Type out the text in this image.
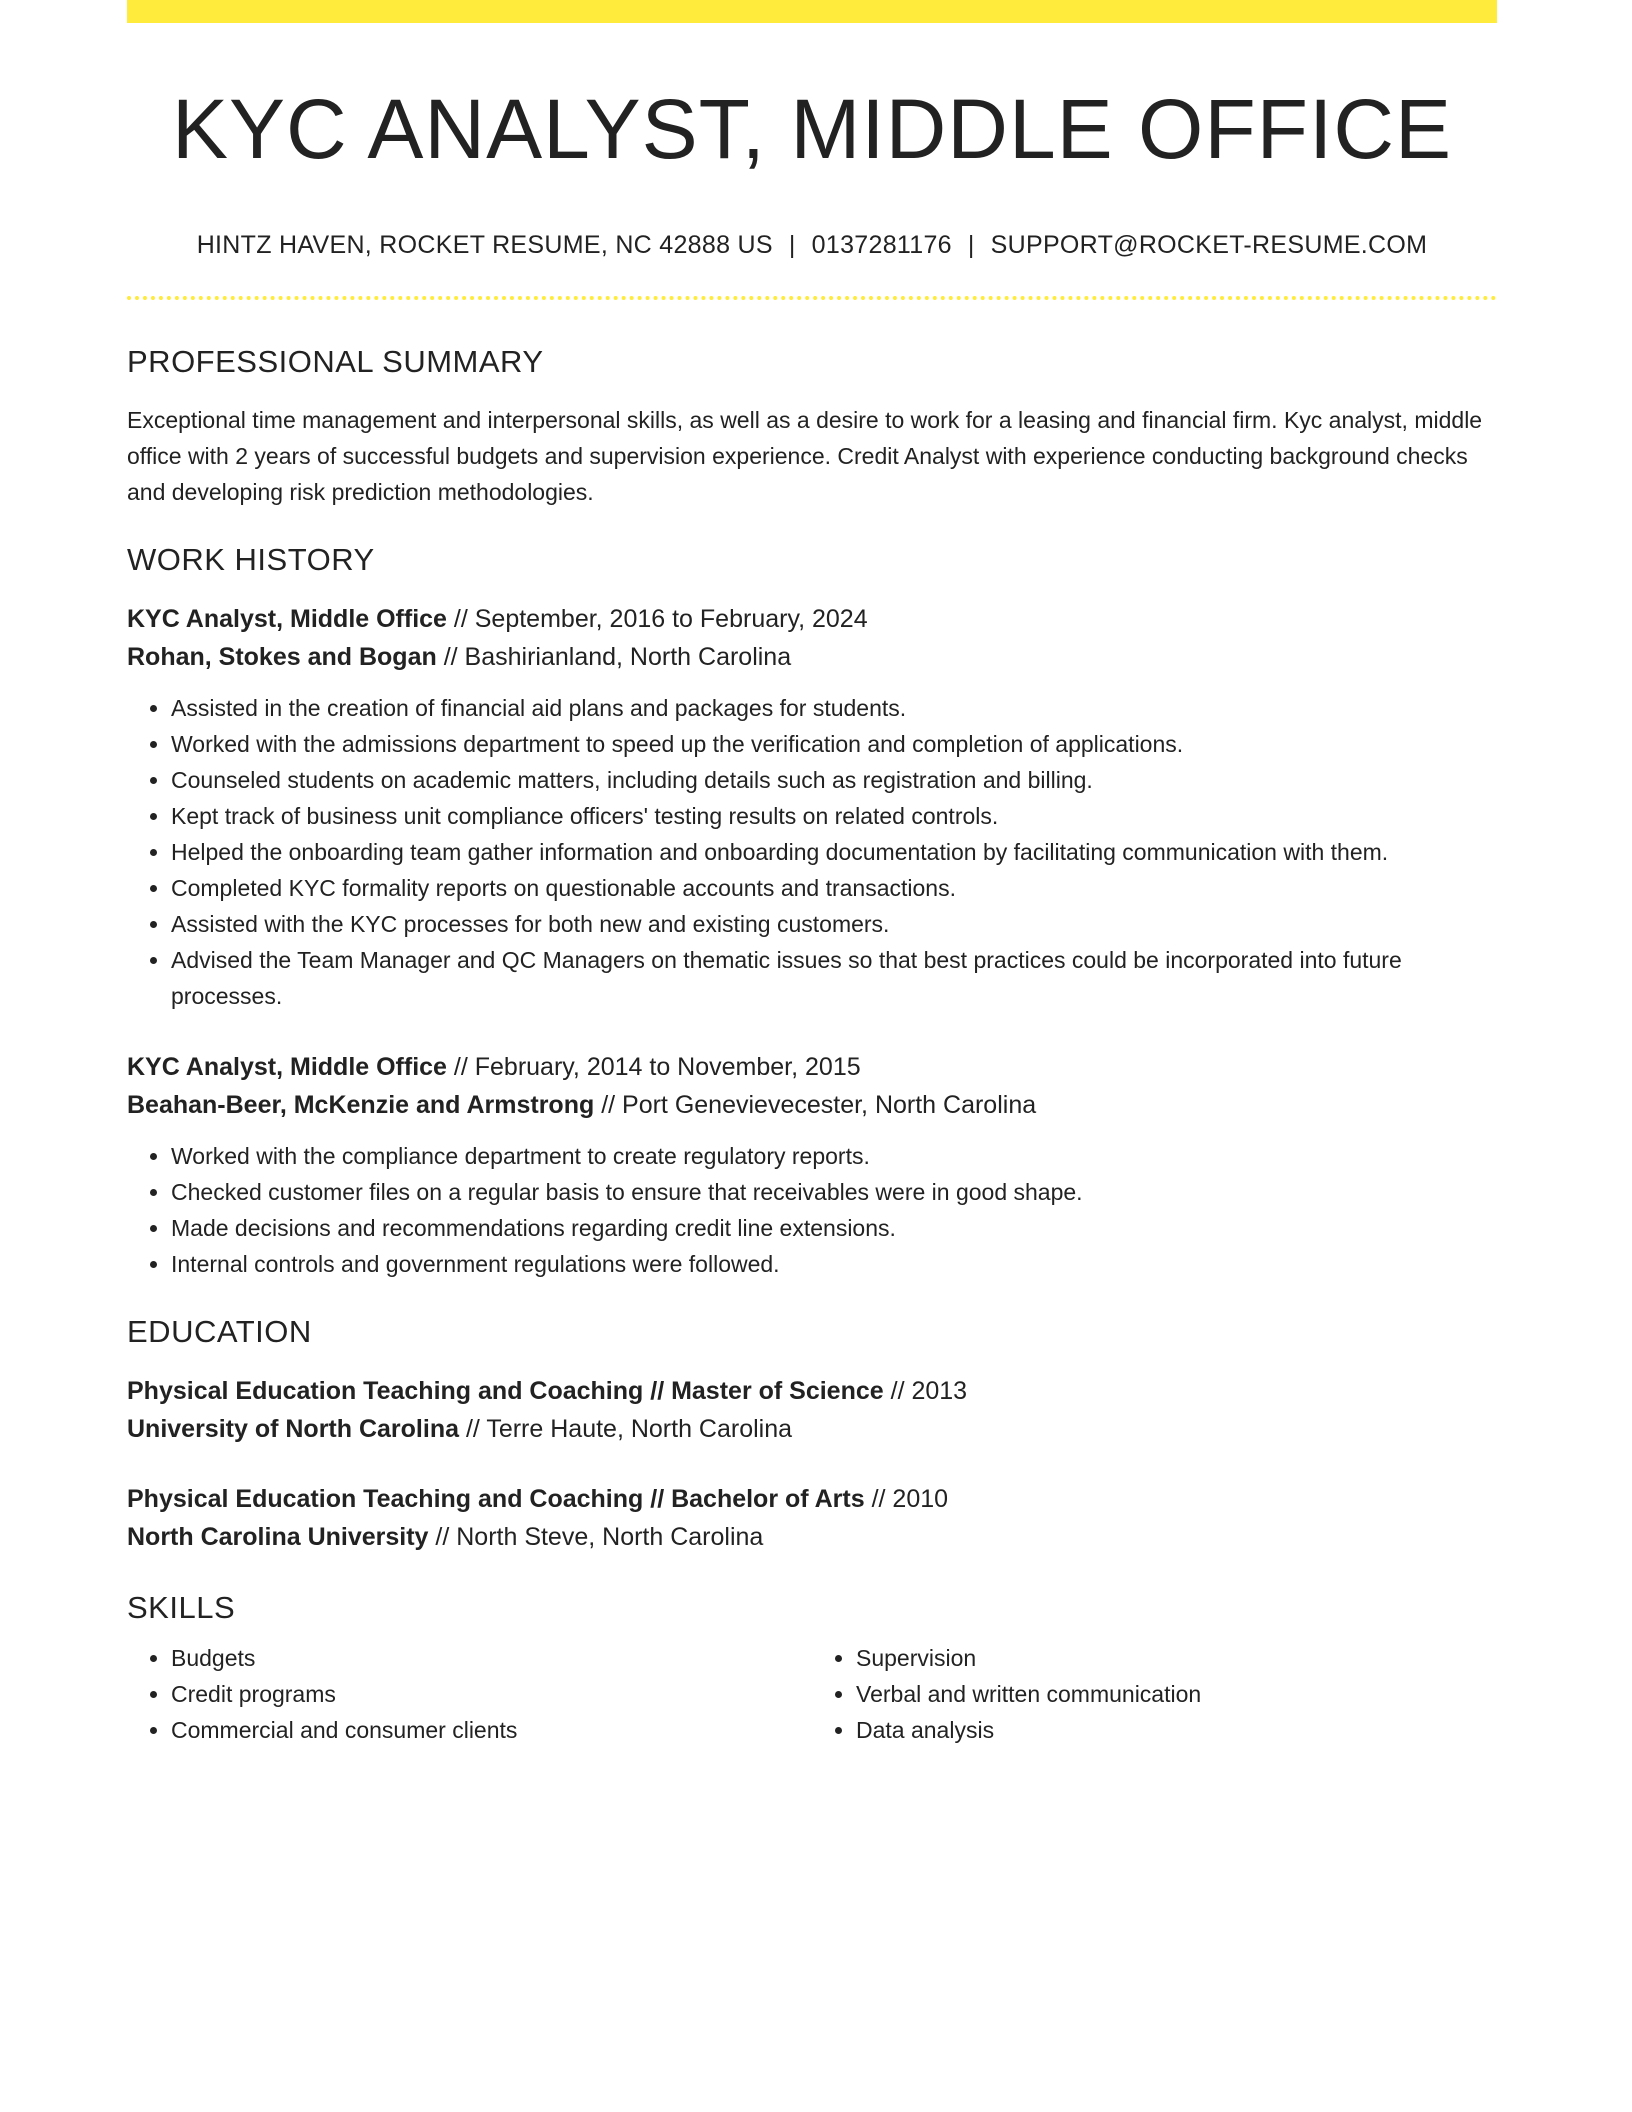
KYC ANALYST, MIDDLE OFFICE
HINTZ HAVEN, ROCKET RESUME, NC 42888 US | 0137281176 | SUPPORT@ROCKET-RESUME.COM
PROFESSIONAL SUMMARY

Exceptional time management and interpersonal skills, as well as a desire to work for a leasing and financial firm. Kyc analyst, middle office with 2 years of successful budgets and supervision experience. Credit Analyst with experience conducting background checks and developing risk prediction methodologies.

WORK HISTORY
KYC Analyst, Middle Office // September, 2016 to February, 2024
Rohan, Stokes and Bogan // Bashirianland, North Carolina
• Assisted in the creation of financial aid plans and packages for students.
• Worked with the admissions department to speed up the verification and completion of applications.
• Counseled students on academic matters, including details such as registration and billing.
• Kept track of business unit compliance officers' testing results on related controls.
• Helped the onboarding team gather information and onboarding documentation by facilitating communication with them.
• Completed KYC formality reports on questionable accounts and transactions.
• Assisted with the KYC processes for both new and existing customers.
• Advised the Team Manager and QC Managers on thematic issues so that best practices could be incorporated into future processes.
KYC Analyst, Middle Office // February, 2014 to November, 2015
Beahan-Beer, McKenzie and Armstrong // Port Genevievecester, North Carolina
• Worked with the compliance department to create regulatory reports.
• Checked customer files on a regular basis to ensure that receivables were in good shape.
• Made decisions and recommendations regarding credit line extensions.
• Internal controls and government regulations were followed.
EDUCATION
Physical Education Teaching and Coaching // Master of Science // 2013
University of North Carolina // Terre Haute, North Carolina
Physical Education Teaching and Coaching // Bachelor of Arts // 2010
North Carolina University // North Steve, North Carolina
SKILLS
• Budgets
• Credit programs
• Commercial and consumer clients
• Supervision
• Verbal and written communication
• Data analysis
